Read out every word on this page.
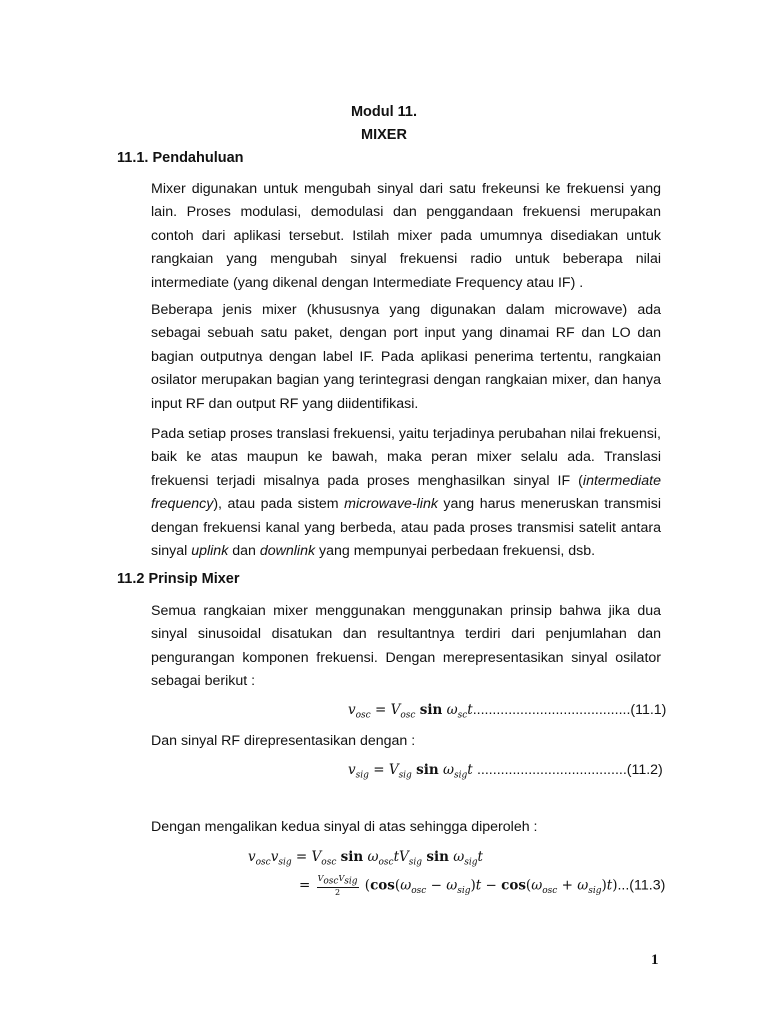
Modul 11.
MIXER
11.1. Pendahuluan
Mixer digunakan untuk mengubah sinyal dari satu frekeunsi ke frekuensi yang lain. Proses modulasi, demodulasi dan penggandaan frekuensi merupakan contoh dari aplikasi tersebut. Istilah mixer pada umumnya disediakan untuk rangkaian yang mengubah sinyal frekuensi radio untuk beberapa nilai intermediate (yang dikenal dengan Intermediate Frequency atau IF) .
Beberapa jenis mixer (khususnya yang digunakan dalam microwave) ada sebagai sebuah satu paket, dengan port input yang dinamai RF dan LO dan bagian outputnya dengan label IF. Pada aplikasi penerima tertentu, rangkaian osilator merupakan bagian yang terintegrasi dengan rangkaian mixer, dan hanya input RF dan output RF yang diidentifikasi.
Pada setiap proses translasi frekuensi, yaitu terjadinya perubahan nilai frekuensi, baik ke atas maupun ke bawah, maka peran mixer selalu ada. Translasi frekuensi terjadi misalnya pada proses menghasilkan sinyal IF (intermediate frequency), atau pada sistem microwave-link yang harus meneruskan transmisi dengan frekuensi kanal yang berbeda, atau pada proses transmisi satelit antara sinyal uplink dan downlink yang mempunyai perbedaan frekuensi, dsb.
11.2 Prinsip Mixer
Semua rangkaian mixer menggunakan menggunakan prinsip bahwa jika dua sinyal sinusoidal disatukan dan resultantnya terdiri dari penjumlahan dan pengurangan komponen frekuensi. Dengan merepresentasikan sinyal osilator sebagai berikut :
$v_{osc} = V_{osc}$ $\sin \omega_{sc}t........................................(11.1)$
Dan sinyal RF direpresentasikan dengan :
$v_{sig} = V_{sig}$ $\sin \omega_{sig}t$ ......................................(11.2)
Dengan mengalikan kedua sinyal di atas sehingga diperoleh :
$v_{osc}v_{sig} = V_{osc}$ $\sin \omega_{osc}tV_{sig}$ $\sin \omega_{sig}t$
= $\frac{V_{osc}V_{sig}}{2} (\cos(\omega_{osc} - \omega_{sig})t - \cos(\omega_{osc} + \omega_{sig})t)...(11.3)$
1
